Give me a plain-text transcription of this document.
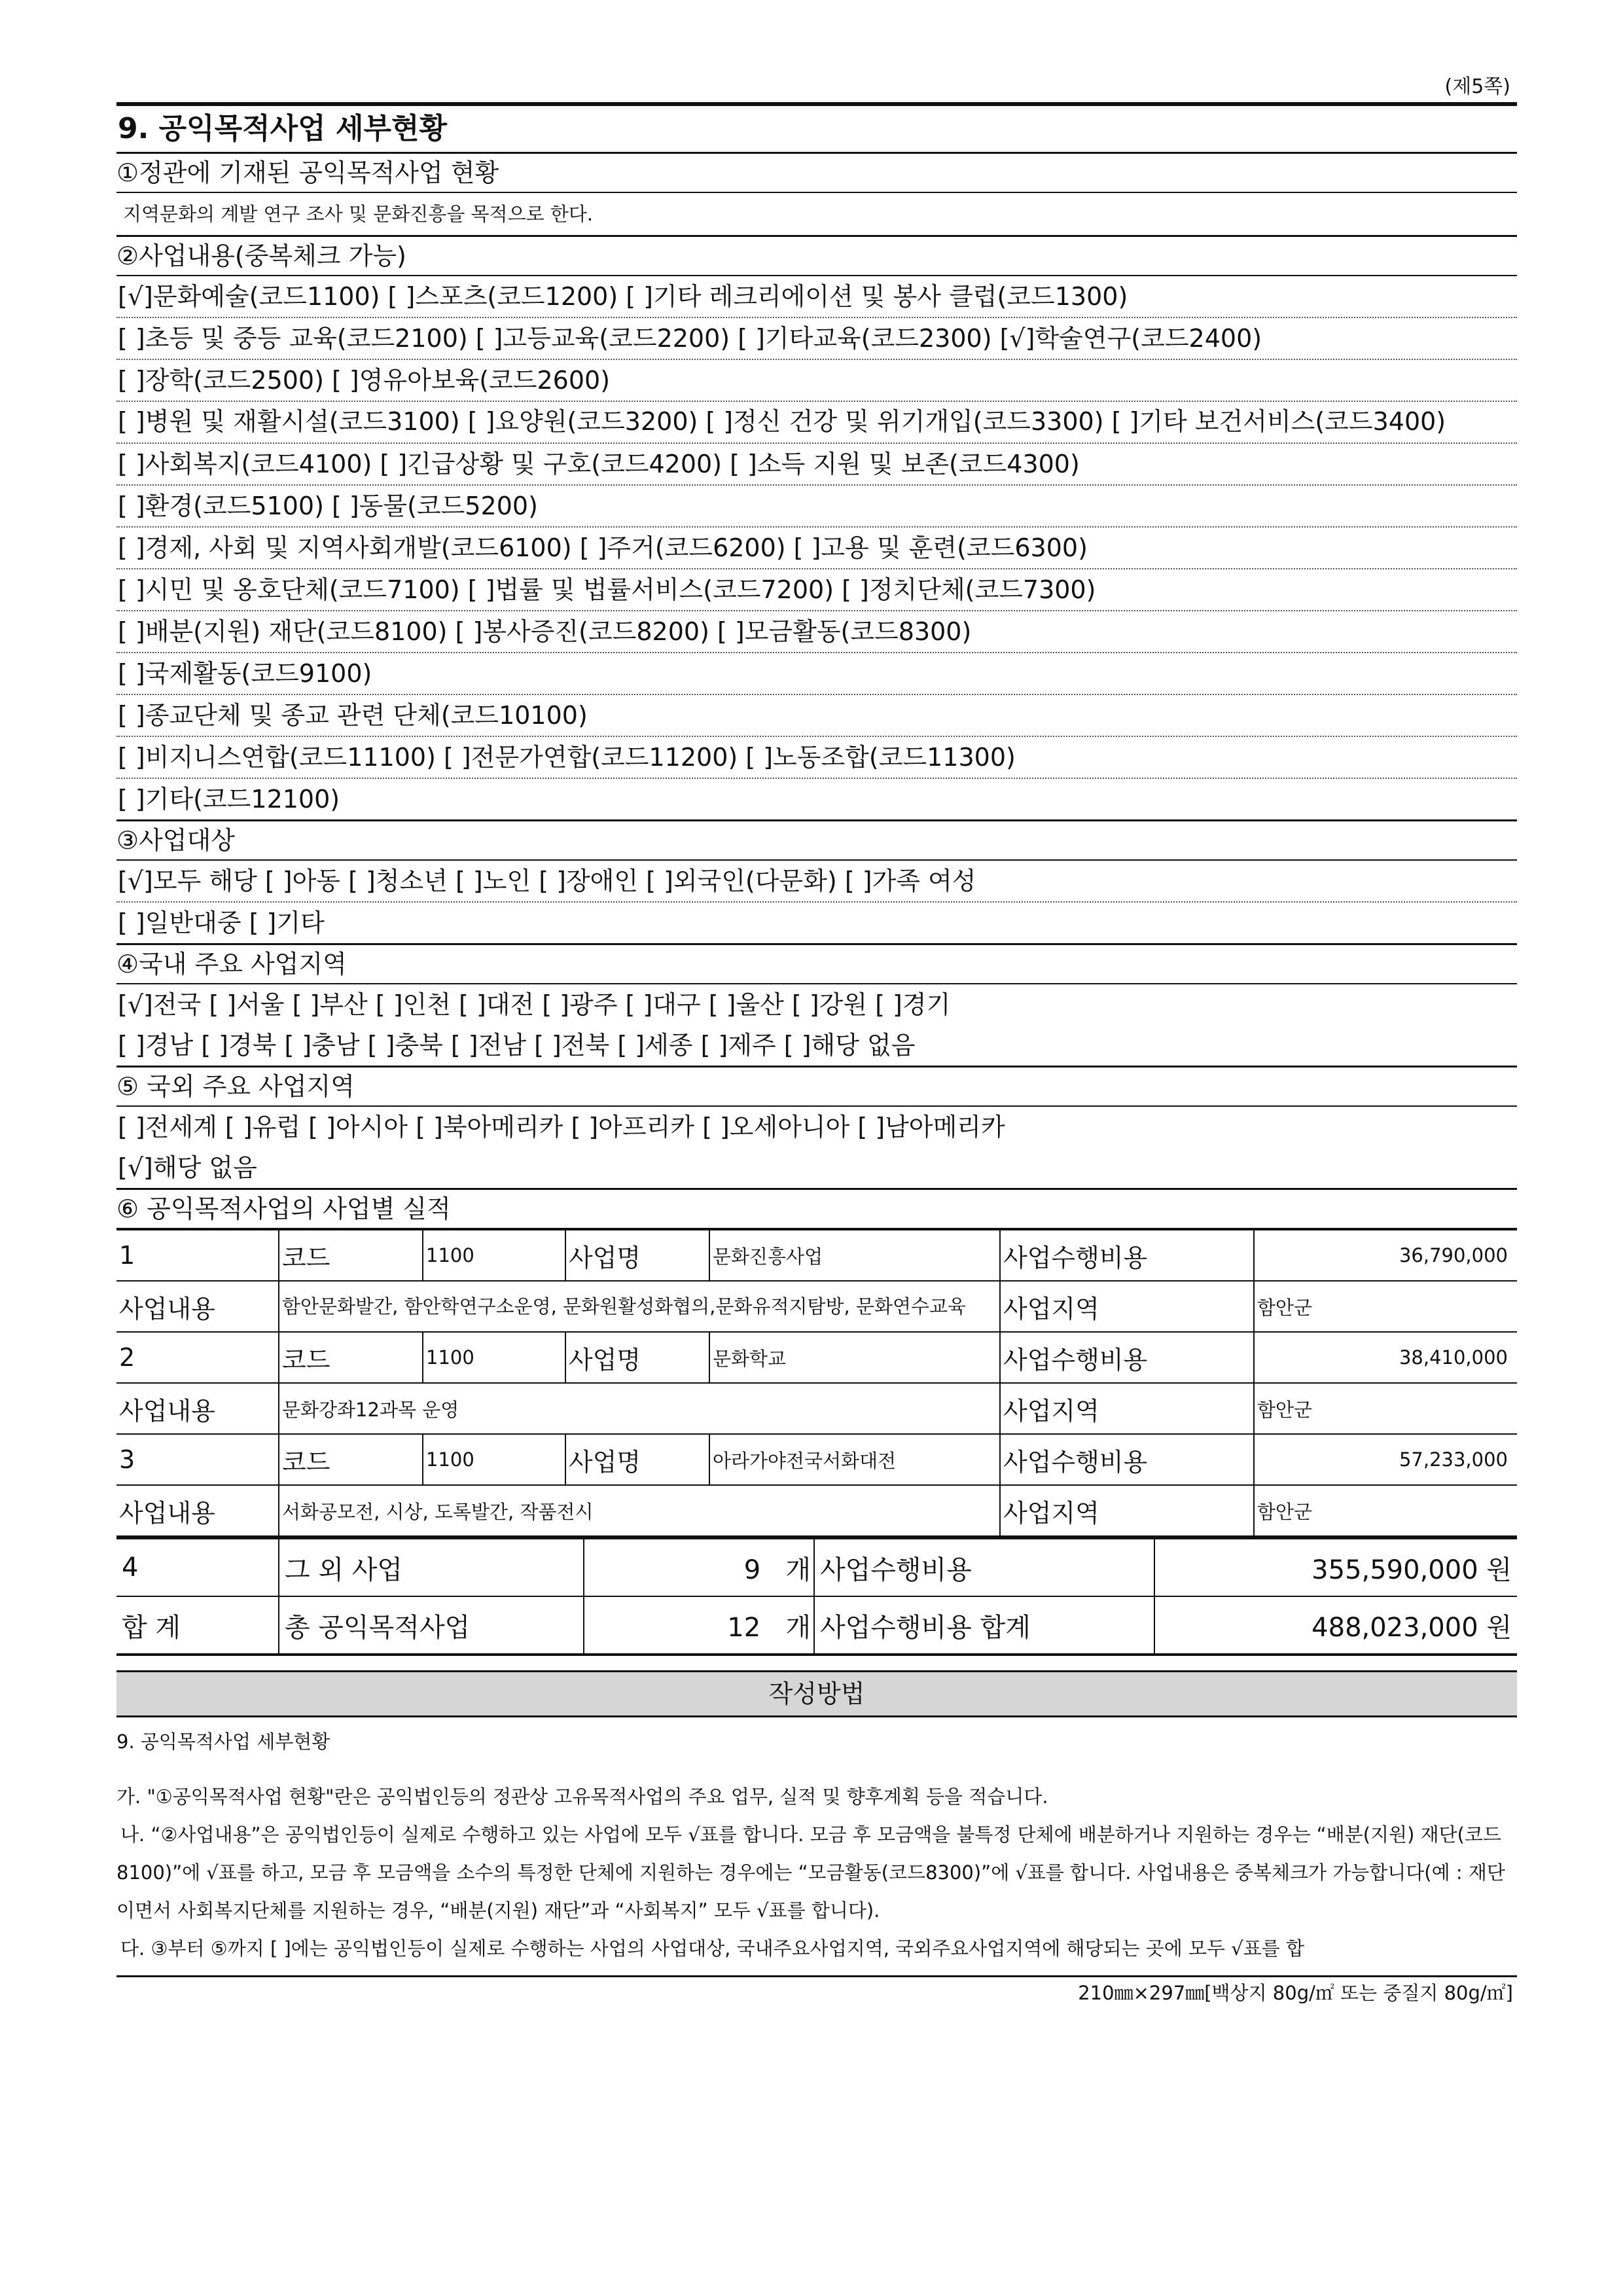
(제5쪽)
9. 공익목적사업 세부현황
①정관에 기재된 공익목적사업 현황
지역문화의 계발 연구 조사 및 문화진흥을 목적으로 한다.
②사업내용(중복체크 가능)
[√]문화예술(코드1100) [ ]스포츠(코드1200) [ ]기타 레크리에이션 및 봉사 클럽(코드1300)
[ ]초등 및 중등 교육(코드2100) [ ]고등교육(코드2200) [ ]기타교육(코드2300) [√]학술연구(코드2400)
[ ]장학(코드2500) [ ]영유아보육(코드2600)
[ ]병원 및 재활시설(코드3100) [ ]요양원(코드3200) [ ]정신 건강 및 위기개입(코드3300) [ ]기타 보건서비스(코드3400)
[ ]사회복지(코드4100) [ ]긴급상황 및 구호(코드4200) [ ]소득 지원 및 보존(코드4300)
[ ]환경(코드5100) [ ]동물(코드5200)
[ ]경제, 사회 및 지역사회개발(코드6100) [ ]주거(코드6200) [ ]고용 및 훈련(코드6300)
[ ]시민 및 옹호단체(코드7100) [ ]법률 및 법률서비스(코드7200) [ ]정치단체(코드7300)
[ ]배분(지원) 재단(코드8100) [ ]봉사증진(코드8200) [ ]모금활동(코드8300)
[ ]국제활동(코드9100)
[ ]종교단체 및 종교 관련 단체(코드10100)
[ ]비지니스연합(코드11100) [ ]전문가연합(코드11200) [ ]노동조합(코드11300)
[ ]기타(코드12100)
③사업대상
[√]모두 해당 [ ]아동 [ ]청소년 [ ]노인 [ ]장애인 [ ]외국인(다문화) [ ]가족 여성
[ ]일반대중 [ ]기타
④국내 주요 사업지역
[√]전국 [ ]서울 [ ]부산 [ ]인천 [ ]대전 [ ]광주 [ ]대구 [ ]울산 [ ]강원 [ ]경기
[ ]경남 [ ]경북 [ ]충남 [ ]충북 [ ]전남 [ ]전북 [ ]세종 [ ]제주 [ ]해당 없음
⑤ 국외 주요 사업지역
[ ]전세계 [ ]유럽 [ ]아시아 [ ]북아메리카 [ ]아프리카 [ ]오세아니아 [ ]남아메리카
[√]해당 없음
⑥ 공익목적사업의 사업별 실적
1	코드	1100	사업명	문화진흥사업	사업수행비용	36,790,000
사업내용	함안문화발간, 함안학연구소운영, 문화원활성화협의,문화유적지탐방, 문화연수교육				사업지역	함안군
2	코드	1100	사업명	문화학교	사업수행비용	38,410,000
사업내용	문화강좌12과목 운영				사업지역	함안군
3	코드	1100	사업명	아라가야전국서화대전	사업수행비용	57,233,000
사업내용	서화공모전, 시상, 도록발간, 작품전시				사업지역	함안군
4	그 외 사업	9 개	사업수행비용	355,590,000 원
합 계	총 공익목적사업	12 개	사업수행비용 합계	488,023,000 원
작성방법

9. 공익목적사업 세부현황

가. "①공익목적사업 현황"란은 공익법인등의 정관상 고유목적사업의 주요 업무, 실적 및 향후계획 등을 적습니다.

나. “②사업내용”은 공익법인등이 실제로 수행하고 있는 사업에 모두 √표를 합니다. 모금 후 모금액을 불특정 단체에 배분하거나 지원하는 경우는 “배분(지원) 재단(코드8100)”에 √표를 하고, 모금 후 모금액을 소수의 특정한 단체에 지원하는 경우에는 “모금활동(코드8300)”에 √표를 합니다. 사업내용은 중복체크가 가능합니다(예 : 재단이면서 사회복지단체를 지원하는 경우, “배분(지원) 재단”과 “사회복지” 모두 √표를 합니다).

다. ③부터 ⑤까지 [ ]에는 공익법인등이 실제로 수행하는 사업의 사업대상, 국내주요사업지역, 국외주요사업지역에 해당되는 곳에 모두 √표를 합

210㎜×297㎜[백상지 80g/㎡ 또는 중질지 80g/㎡]
